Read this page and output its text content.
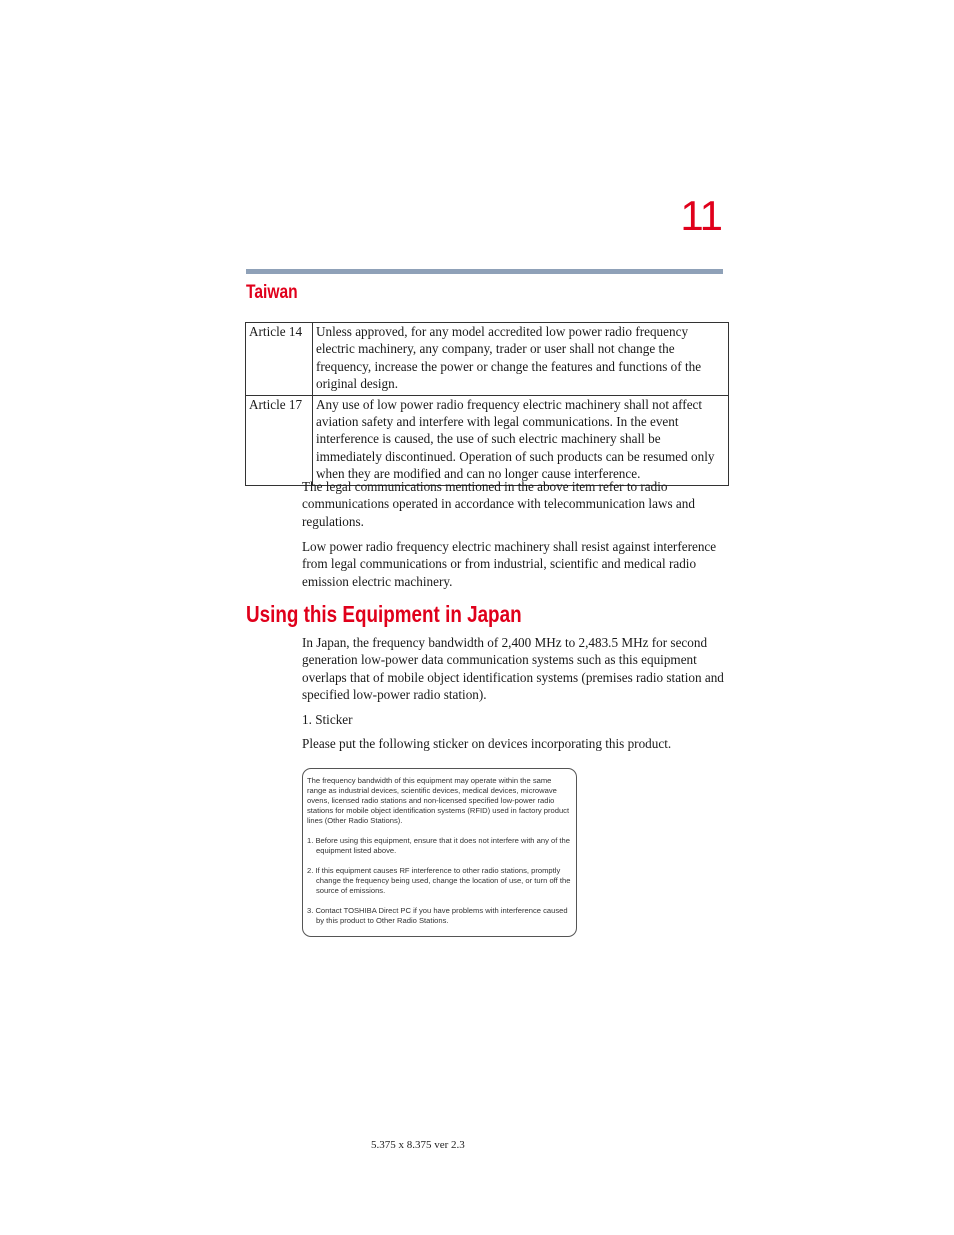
11
Taiwan
Article 14	Unless approved, for any model accredited low power radio frequency electric machinery, any company, trader or user shall not change the frequency, increase the power or change the features and functions of the original design.
Article 17	Any use of low power radio frequency electric machinery shall not affect aviation safety and interfere with legal communications. In the event interference is caused, the use of such electric machinery shall be immediately discontinued. Operation of such products can be resumed only when they are modified and can no longer cause interference.

The legal communications mentioned in the above item refer to radio communications operated in accordance with telecommunication laws and regulations.

Low power radio frequency electric machinery shall resist against interference from legal communications or from industrial, scientific and medical radio emission electric machinery.

Using this Equipment in Japan

In Japan, the frequency bandwidth of 2,400 MHz to 2,483.5 MHz for second generation low-power data communication systems such as this equipment overlaps that of mobile object identification systems (premises radio station and specified low-power radio station).

1. Sticker

Please put the following sticker on devices incorporating this product.

The frequency bandwidth of this equipment may operate within the same range as industrial devices, scientific devices, medical devices, microwave ovens, licensed radio stations and non-licensed specified low-power radio stations for mobile object identification systems (RFID) used in factory product lines (Other Radio Stations).

1. Before using this equipment, ensure that it does not interfere with any of the equipment listed above.

2. If this equipment causes RF interference to other radio stations, promptly change the frequency being used, change the location of use, or turn off the source of emissions.

3. Contact TOSHIBA Direct PC if you have problems with interference caused by this product to Other Radio Stations.

5.375 x 8.375 ver 2.3
